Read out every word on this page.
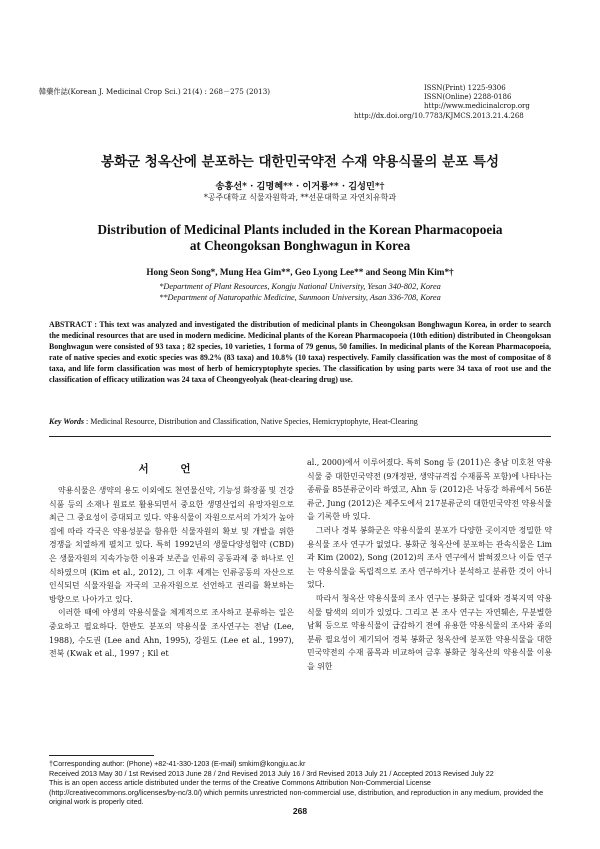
韓藥作誌(Korean J. Medicinal Crop Sci.) 21(4) : 268－275 (2013)	ISSN(Print) 1225-9306
ISSN(Online) 2288-0186
http://www.medicinalcrop.org
http://dx.doi.org/10.7783/KJMCS.2013.21.4.268
봉화군 청옥산에 분포하는 대한민국약전 수재 약용식물의 분포 특성
송홍선* · 김명혜** · 이거룡** · 김성민*†
*공주대학교 식물자원학과, **선문대학교 자연치유학과
Distribution of Medicinal Plants included in the Korean Pharmacopoeia
at Cheongoksan Bonghwagun in Korea
Hong Seon Song*, Mung Hea Gim**, Geo Lyong Lee** and Seong Min Kim*†
*Department of Plant Resources, Kongju National University, Yesan 340-802, Korea
**Department of Naturopathic Medicine, Sunmoon University, Asan 336-708, Korea
ABSTRACT : This text was analyzed and investigated the distribution of medicinal plants in Cheongoksan Bonghwagun Korea, in order to search the medicinal resources that are used in modern medicine. Medicinal plants of the Korean Pharmacopoeia (10th edition) distributed in Cheongoksan Bonghwagun were consisted of 93 taxa ; 82 species, 10 varieties, 1 forma of 79 genus, 50 families. In medicinal plants of the Korean Pharmacopoeia, rate of native species and exotic species was 89.2% (83 taxa) and 10.8% (10 taxa) respectively. Family classification was the most of compositae of 8 taxa, and life form classification was most of herb of hemicryptophyte species. The classification by using parts were 34 taxa of root use and the classification of efficacy utilization was 24 taxa of Cheongyeolyak (heat-clearing drug) use.
Key Words : Medicinal Resource, Distribution and Classification, Native Species, Hemicryptophyte, Heat-Clearing
서 언

약용식물은 생약의 용도 이외에도 천연물신약, 기능성 화장품 및 건강식품 등의 소재나 원료로 활용되면서 중요한 생명산업의 유망자원으로 최근 그 중요성이 증대되고 있다. 약용식물이 자원으로서의 가치가 높아짐에 따라 각국은 약용성분을 함유한 식물자원의 확보 및 개발을 위한 경쟁을 치열하게 펼치고 있다. 특히 1992년의 생물다양성협약 (CBD)은 생물자원의 지속가능한 이용과 보존을 인류의 공동과제 중 하나로 인식하였으며 (Kim et al., 2012), 그 이후 세계는 인류공동의 자산으로 인식되던 식물자원을 자국의 고유자원으로 선언하고 권리를 확보하는 방향으로 나아가고 있다.

이러한 때에 야생의 약용식물을 체계적으로 조사하고 분류하는 일은 중요하고 필요하다. 한반도 분포의 약용식물 조사연구는 전남 (Lee, 1988), 수도권 (Lee and Ahn, 1995), 강원도 (Lee et al., 1997), 전북 (Kwak et al., 1997 ; Kil et

al., 2000)에서 이루어졌다. 특히 Song 등 (2011)은 충남 미호천 약용식물 중 대한민국약전 (9개정판, 생약규격집 수재품목 포함)에 나타나는 종류를 85분류군이라 하였고, Ahn 등 (2012)은 낙동강 하류에서 56분류군, Jung (2012)은 제주도에서 217분류군의 대한민국약전 약용식물을 기록한 바 있다.

그러나 경북 봉화군은 약용식물의 분포가 다양한 곳이지만 정밀한 약용식물 조사 연구가 없었다. 봉화군 청옥산에 분포하는 관속식물은 Lim과 Kim (2002), Song (2012)의 조사 연구에서 밝혀졌으나 이들 연구는 약용식물을 독립적으로 조사 연구하거나 분석하고 분류한 것이 아니었다.

따라서 청옥산 약용식물의 조사 연구는 봉화군 일대와 경북지역 약용식물 탐색의 의미가 있었다. 그리고 본 조사 연구는 자연훼손, 무분별한 남획 등으로 약용식물이 급감하기 전에 유용한 약용식물의 조사와 종의 분류 필요성이 제기되어 경북 봉화군 청옥산에 분포한 약용식물을 대한민국약전의 수재 품목과 비교하여 금후 봉화군 청옥산의 약용식물 이용을 위한

†Corresponding author: (Phone) +82-41-330-1203 (E-mail) smkim@kongju.ac.kr
Received 2013 May 30 / 1st Revised 2013 June 28 / 2nd Revised 2013 July 16 / 3rd Revised 2013 July 21 / Accepted 2013 Revised July 22
This is an open access article distributed under the terms of the Creative Commons Attribution Non-Commercial License (http://creativecommons.org/licenses/by-nc/3.0/) which permits unrestricted non-commercial use, distribution, and reproduction in any medium, provided the original work is properly cited.
268
